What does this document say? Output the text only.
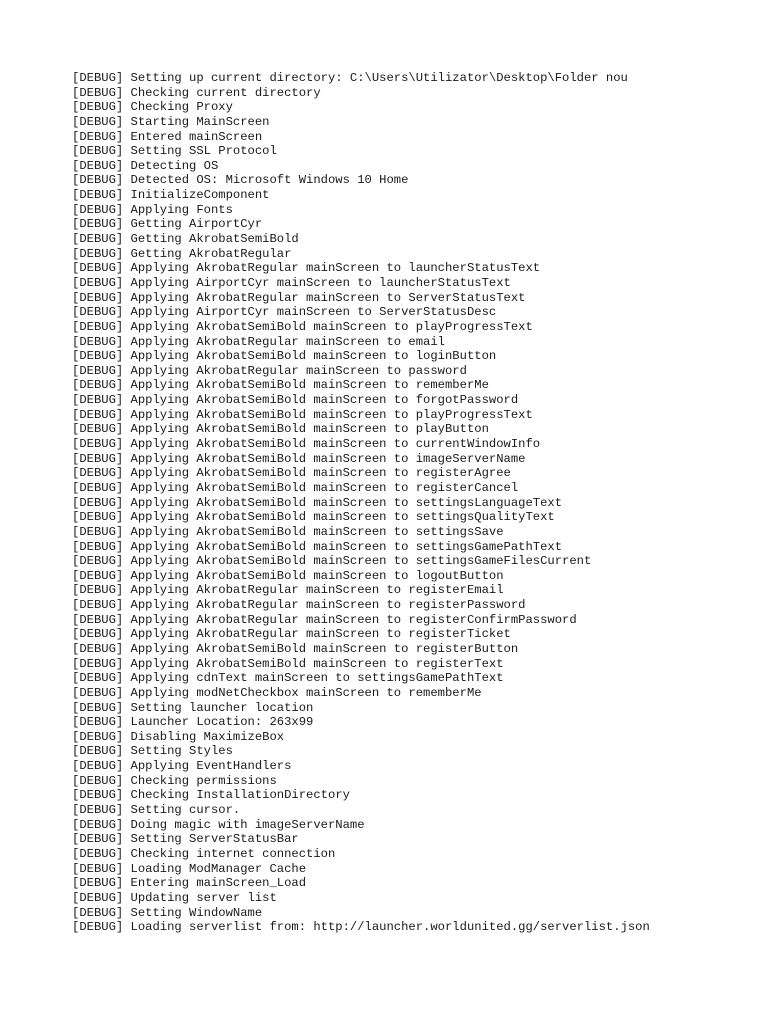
[DEBUG] Setting up current directory: C:\Users\Utilizator\Desktop\Folder nou
[DEBUG] Checking current directory
[DEBUG] Checking Proxy
[DEBUG] Starting MainScreen
[DEBUG] Entered mainScreen
[DEBUG] Setting SSL Protocol
[DEBUG] Detecting OS
[DEBUG] Detected OS: Microsoft Windows 10 Home
[DEBUG] InitializeComponent
[DEBUG] Applying Fonts
[DEBUG] Getting AirportCyr
[DEBUG] Getting AkrobatSemiBold
[DEBUG] Getting AkrobatRegular
[DEBUG] Applying AkrobatRegular mainScreen to launcherStatusText
[DEBUG] Applying AirportCyr mainScreen to launcherStatusText
[DEBUG] Applying AkrobatRegular mainScreen to ServerStatusText
[DEBUG] Applying AirportCyr mainScreen to ServerStatusDesc
[DEBUG] Applying AkrobatSemiBold mainScreen to playProgressText
[DEBUG] Applying AkrobatRegular mainScreen to email
[DEBUG] Applying AkrobatSemiBold mainScreen to loginButton
[DEBUG] Applying AkrobatRegular mainScreen to password
[DEBUG] Applying AkrobatSemiBold mainScreen to rememberMe
[DEBUG] Applying AkrobatSemiBold mainScreen to forgotPassword
[DEBUG] Applying AkrobatSemiBold mainScreen to playProgressText
[DEBUG] Applying AkrobatSemiBold mainScreen to playButton
[DEBUG] Applying AkrobatSemiBold mainScreen to currentWindowInfo
[DEBUG] Applying AkrobatSemiBold mainScreen to imageServerName
[DEBUG] Applying AkrobatSemiBold mainScreen to registerAgree
[DEBUG] Applying AkrobatSemiBold mainScreen to registerCancel
[DEBUG] Applying AkrobatSemiBold mainScreen to settingsLanguageText
[DEBUG] Applying AkrobatSemiBold mainScreen to settingsQualityText
[DEBUG] Applying AkrobatSemiBold mainScreen to settingsSave
[DEBUG] Applying AkrobatSemiBold mainScreen to settingsGamePathText
[DEBUG] Applying AkrobatSemiBold mainScreen to settingsGameFilesCurrent
[DEBUG] Applying AkrobatSemiBold mainScreen to logoutButton
[DEBUG] Applying AkrobatRegular mainScreen to registerEmail
[DEBUG] Applying AkrobatRegular mainScreen to registerPassword
[DEBUG] Applying AkrobatRegular mainScreen to registerConfirmPassword
[DEBUG] Applying AkrobatRegular mainScreen to registerTicket
[DEBUG] Applying AkrobatSemiBold mainScreen to registerButton
[DEBUG] Applying AkrobatSemiBold mainScreen to registerText
[DEBUG] Applying cdnText mainScreen to settingsGamePathText
[DEBUG] Applying modNetCheckbox mainScreen to rememberMe
[DEBUG] Setting launcher location
[DEBUG] Launcher Location: 263x99
[DEBUG] Disabling MaximizeBox
[DEBUG] Setting Styles
[DEBUG] Applying EventHandlers
[DEBUG] Checking permissions
[DEBUG] Checking InstallationDirectory
[DEBUG] Setting cursor.
[DEBUG] Doing magic with imageServerName
[DEBUG] Setting ServerStatusBar
[DEBUG] Checking internet connection
[DEBUG] Loading ModManager Cache
[DEBUG] Entering mainScreen_Load
[DEBUG] Updating server list
[DEBUG] Setting WindowName
[DEBUG] Loading serverlist from: http://launcher.worldunited.gg/serverlist.json
